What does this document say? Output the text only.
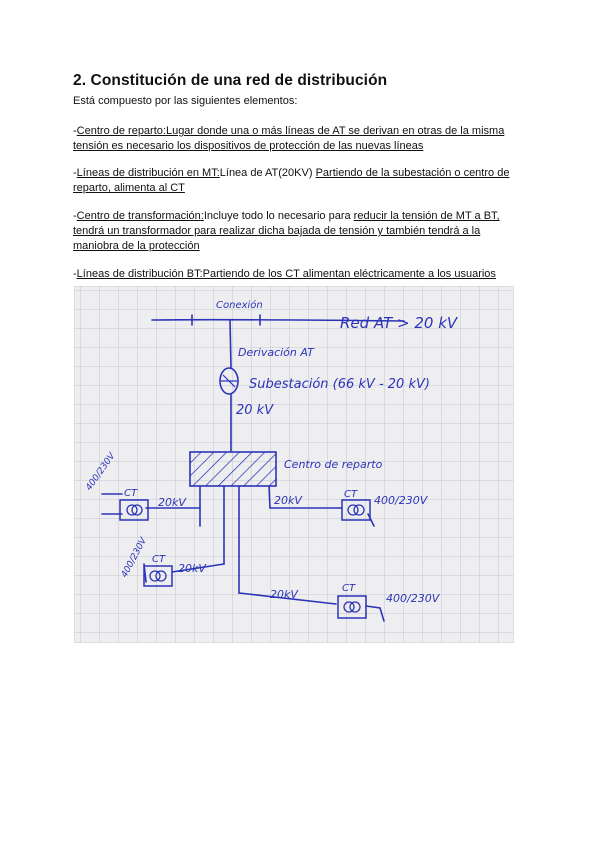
2. Constitución de una red de distribución
Está compuesto por las siguientes elementos:
-Centro de reparto:Lugar donde una o más líneas de AT se derivan en otras de la misma tensión es necesario los dispositivos de protección de las nuevas líneas
-Líneas de distribución en MT:Línea de AT(20KV) Partiendo de la subestación o centro de reparto, alimenta al CT
-Centro de transformación:Incluye todo lo necesario para reducir la tensión de MT a BT, tendrá un transformador para realizar dicha bajada de tensión y también tendrá a la maniobra de la protección
-Líneas de distribución BT:Partiendo de los CT alimentan eléctricamente a los usuarios
Conexión
Red AT > 20 kV
Derivación AT
Subestación (66 kV - 20 kV)
20 kV
Centro de reparto
CT
20kV
400/230V
CT
20kV	400/230V
CT
20kV
400/230V
CT
20kV	400/230V
